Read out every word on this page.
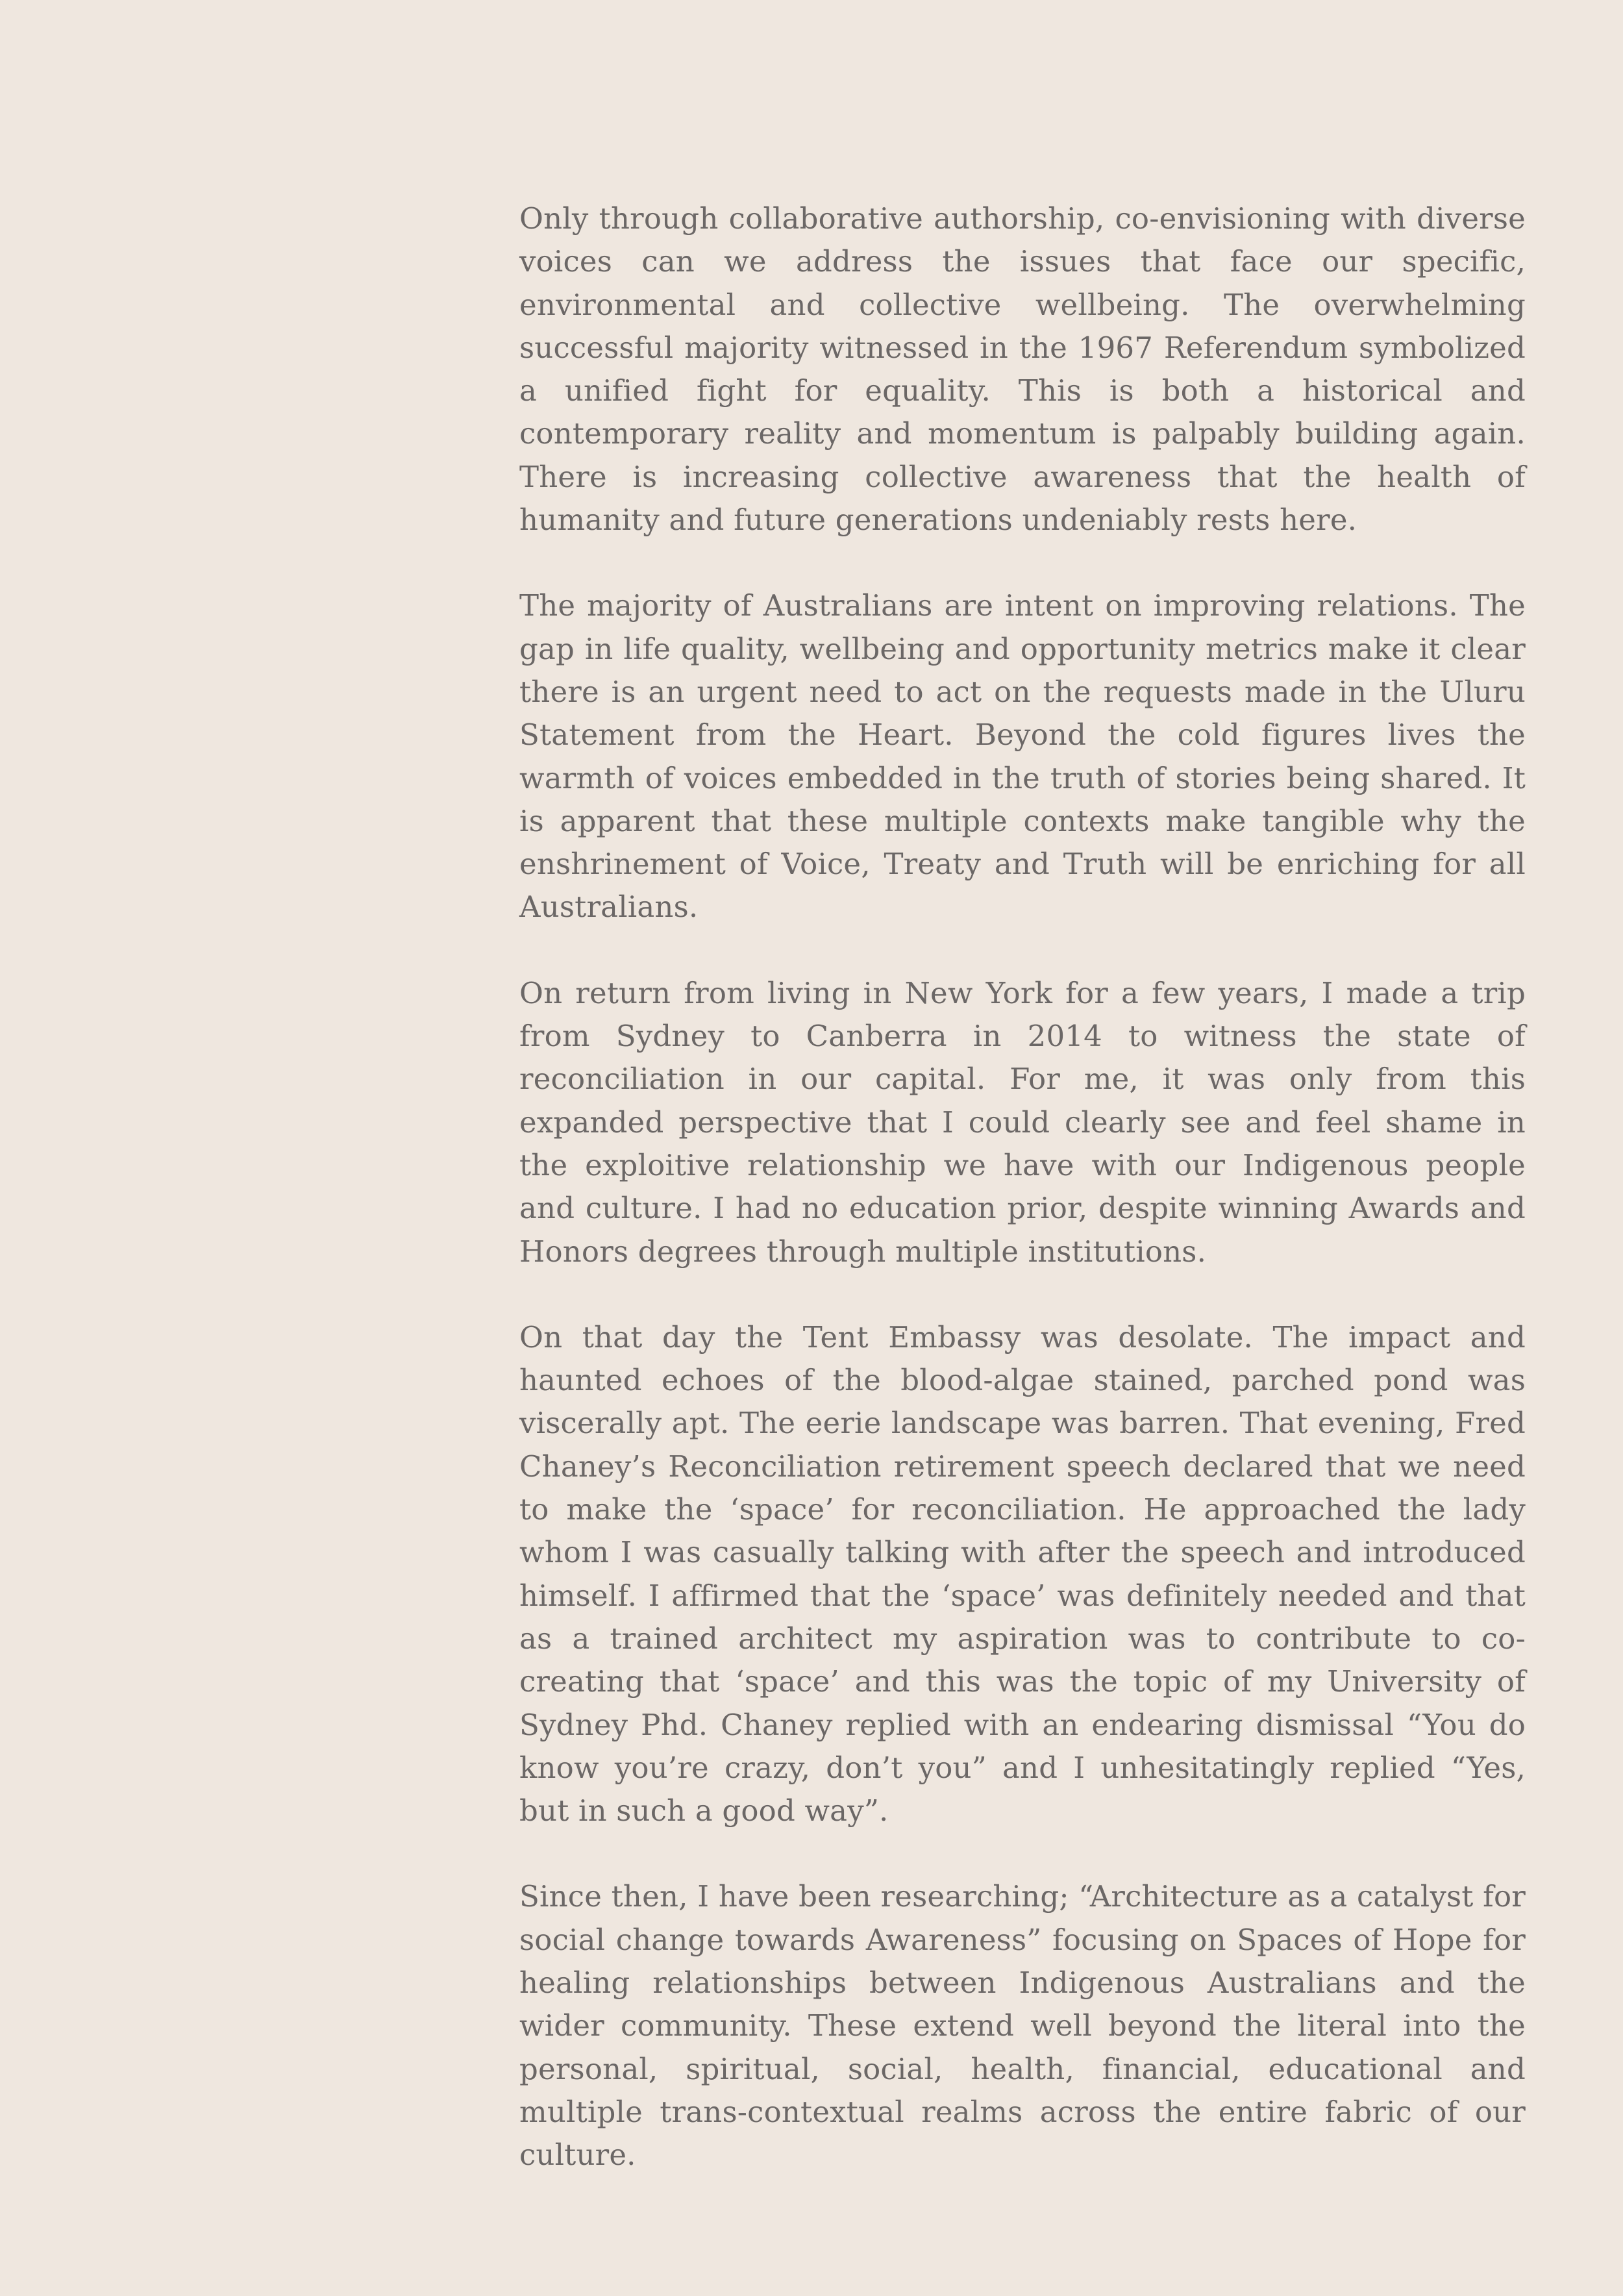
Only through collaborative authorship, co-envisioning with diverse voices can we address the issues that face our specific, environmental and collective wellbeing. The overwhelming successful majority witnessed in the 1967 Referendum symbolized a unified fight for equality. This is both a historical and contemporary reality and momentum is palpably building again. There is increasing collective awareness that the health of humanity and future generations undeniably rests here.

The majority of Australians are intent on improving relations. The gap in life quality, wellbeing and opportunity metrics make it clear there is an urgent need to act on the requests made in the Uluru Statement from the Heart. Beyond the cold figures lives the warmth of voices embedded in the truth of stories being shared. It is apparent that these multiple contexts make tangible why the enshrinement of Voice, Treaty and Truth will be enriching for all Australians.

On return from living in New York for a few years, I made a trip from Sydney to Canberra in 2014 to witness the state of reconciliation in our capital. For me, it was only from this expanded perspective that I could clearly see and feel shame in the exploitive relationship we have with our Indigenous people and culture. I had no education prior, despite winning Awards and Honors degrees through multiple institutions.

On that day the Tent Embassy was desolate. The impact and haunted echoes of the blood-algae stained, parched pond was viscerally apt. The eerie landscape was barren. That evening, Fred Chaney’s Reconciliation retirement speech declared that we need to make the ‘space’ for reconciliation. He approached the lady whom I was casually talking with after the speech and introduced himself. I affirmed that the ‘space’ was definitely needed and that as a trained architect my aspiration was to contribute to co-creating that ‘space’ and this was the topic of my University of Sydney Phd. Chaney replied with an endearing dismissal “You do know you’re crazy, don’t you” and I unhesitatingly replied “Yes, but in such a good way”.

Since then, I have been researching; “Architecture as a catalyst for social change towards Awareness” focusing on Spaces of Hope for healing relationships between Indigenous Australians and the wider community. These extend well beyond the literal into the personal, spiritual, social, health, financial, educational and multiple trans-contextual realms across the entire fabric of our culture.
